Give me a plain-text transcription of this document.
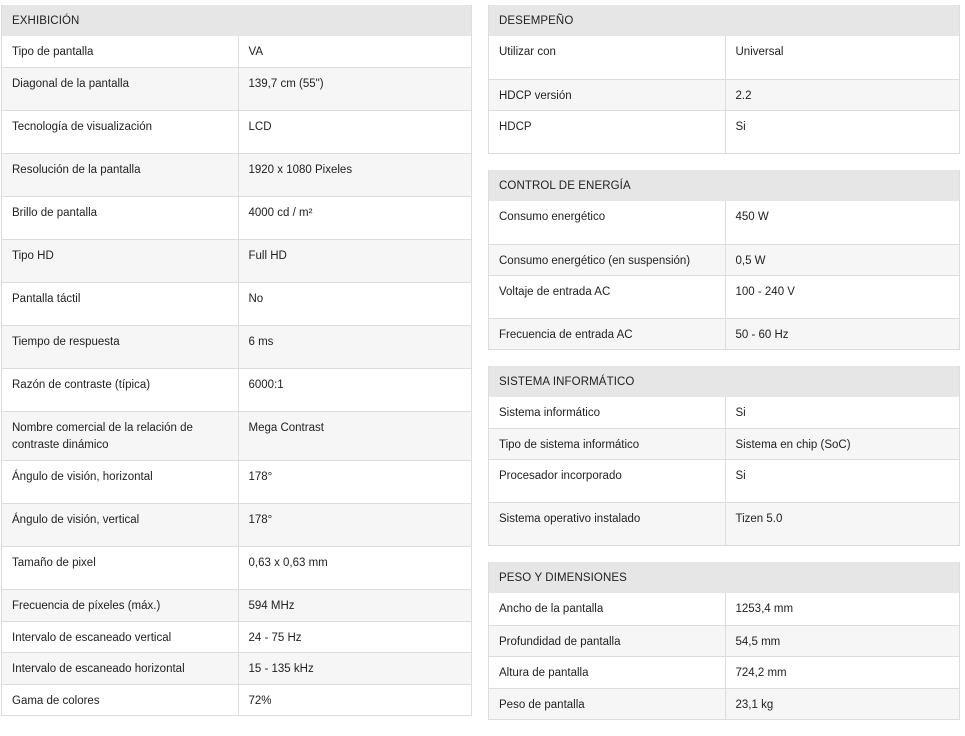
EXHIBICIÓN
Tipo de pantalla	VA
Diagonal de la pantalla	139,7 cm (55")
Tecnología de visualización	LCD
Resolución de la pantalla	1920 x 1080 Pixeles
Brillo de pantalla	4000 cd / m²
Tipo HD	Full HD
Pantalla táctil	No
Tiempo de respuesta	6 ms
Razón de contraste (típica)	6000:1
Nombre comercial de la relación de contraste dinámico	Mega Contrast
Ángulo de visión, horizontal	178°
Ángulo de visión, vertical	178°
Tamaño de pixel	0,63 x 0,63 mm
Frecuencia de píxeles (máx.)	594 MHz
Intervalo de escaneado vertical	24 - 75 Hz
Intervalo de escaneado horizontal	15 - 135 kHz
Gama de colores	72%
DESEMPEÑO
Utilizar con	Universal
HDCP versión	2.2
HDCP	Si
CONTROL DE ENERGÍA
Consumo energético	450 W
Consumo energético (en suspensión)	0,5 W
Voltaje de entrada AC	100 - 240 V
Frecuencia de entrada AC	50 - 60 Hz
SISTEMA INFORMÁTICO
Sistema informático	Si
Tipo de sistema informático	Sistema en chip (SoC)
Procesador incorporado	Si
Sistema operativo instalado	Tizen 5.0
PESO Y DIMENSIONES
Ancho de la pantalla	1253,4 mm
Profundidad de pantalla	54,5 mm
Altura de pantalla	724,2 mm
Peso de pantalla	23,1 kg
